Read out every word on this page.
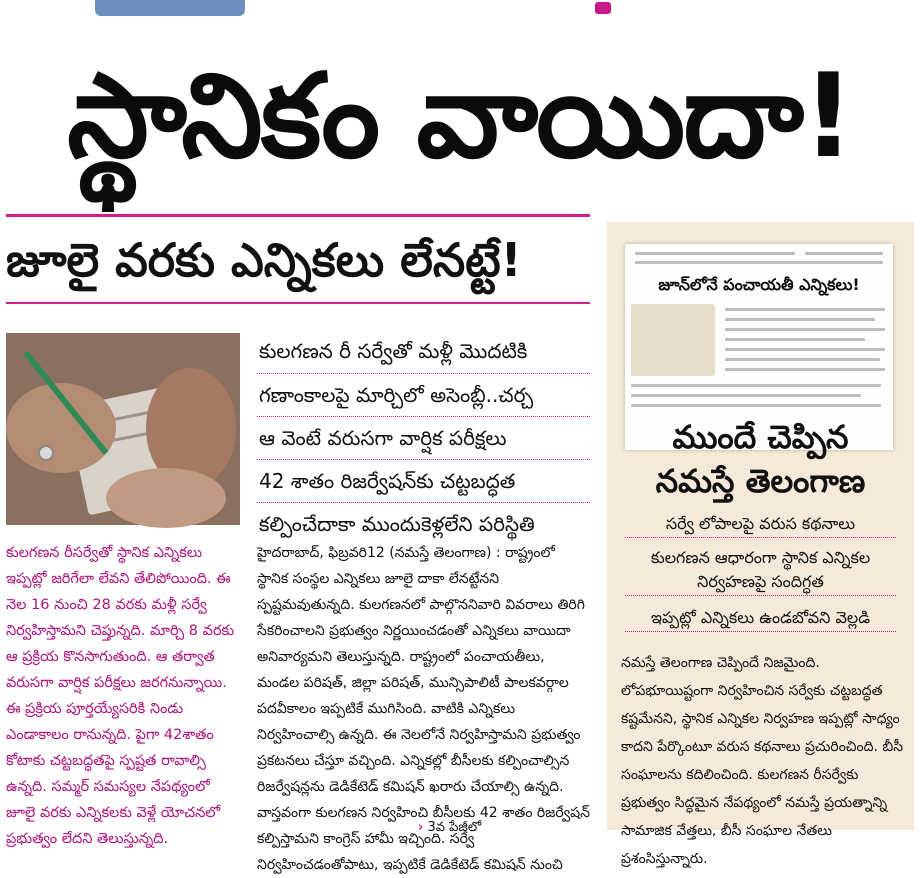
స్థానికం వాయిదా!
జూలై వరకు ఎన్నికలు లేనట్టే!
కులగణన రీ సర్వేతో మళ్లీ మొదటికి
గణాంకాలపై మార్చిలో అసెంబ్లీ..చర్చ
ఆ వెంటే వరుసగా వార్షిక పరీక్షలు
42 శాతం రిజర్వేషన్‌కు చట్టబద్ధత
కల్పించేదాకా ముందుకెళ్లలేని పరిస్థితి

కులగణన రీసర్వేతో స్థానిక ఎన్నికలు ఇప్పట్లో జరిగేలా లేవని తేలిపోయింది. ఈ నెల 16 నుంచి 28 వరకు మళ్లీ సర్వే నిర్వహిస్తామని చెప్తున్నది. మార్చి 8 వరకు ఆ ప్రక్రియ కొనసాగుతుంది. ఆ తర్వాత వరుసగా వార్షిక పరీక్షలు జరగనున్నాయి. ఈ ప్రక్రియ పూర్తయ్యేసరికి నిండు ఎండాకాలం రానున్నది. పైగా 42శాతం కోటాకు చట్టబద్ధతపై స్పష్టత రావాల్సి ఉన్నది. సమ్మర్ సమస్యల నేపథ్యంలో జూలై వరకు ఎన్నికలకు వెళ్లే యోచనలో ప్రభుత్వం లేదని తెలుస్తున్నది.

హైదరాబాద్, ఫిబ్రవరి12 (నమస్తే తెలంగాణ) : రాష్ట్రంలో స్థానిక సంస్థల ఎన్నికలు జూలై దాకా లేనట్టేనని స్పష్టమవుతున్నది. కులగణనలో పాల్గొననివారి వివరాలు తిరిగి సేకరించాలని ప్రభుత్వం నిర్ణయించడంతో ఎన్నికలు వాయిదా అనివార్యమని తెలుస్తున్నది. రాష్ట్రంలో పంచాయతీలు, మండల పరిషత్, జిల్లా పరిషత్, మున్సిపాలిటీ పాలకవర్గాల పదవీకాలం ఇప్పటికే ముగిసింది. వాటికి ఎన్నికలు నిర్వహించాల్సి ఉన్నది. ఈ నెలలోనే నిర్వహిస్తామని ప్రభుత్వం ప్రకటనలు చేస్తూ వచ్చింది. ఎన్నికల్లో బీసీలకు కల్పించాల్సిన రిజర్వేషన్లను డెడికేటెడ్ కమిషన్ ఖరారు చేయాల్సి ఉన్నది. వాస్తవంగా కులగణన నిర్వహించి బీసీలకు 42 శాతం రిజర్వేషన్ కల్పిస్తామని కాంగ్రెస్ హామీ ఇచ్చింది. సర్వే నిర్వహించడంతోపాటు, ఇప్పటికే డెడికేటెడ్ కమిషన్ నుంచి

› 3వ పేజీలో
జూన్‌లోనే పంచాయతీ ఎన్నికలు!
ముందే చెప్పిన
నమస్తే తెలంగాణ
సర్వే లోపాలపై వరుస కథనాలు
కులగణన ఆధారంగా స్థానిక ఎన్నికల
నిర్వహణపై సందిగ్ధత
ఇప్పట్లో ఎన్నికలు ఉండబోవని వెల్లడి

నమస్తే తెలంగాణ చెప్పిందే నిజమైంది. లోపభూయిష్టంగా నిర్వహించిన సర్వేకు చట్టబద్ధత కష్టమేనని, స్థానిక ఎన్నికల నిర్వహణ ఇప్పట్లో సాధ్యం కాదని పేర్కొంటూ వరుస కథనాలు ప్రచురించింది. బీసీ సంఘాలను కదిలించింది. కులగణన రీసర్వేకు ప్రభుత్వం సిద్ధమైన నేపథ్యంలో నమస్తే ప్రయత్నాన్ని సామాజిక వేత్తలు, బీసీ సంఘాల నేతలు ప్రశంసిస్తున్నారు.
